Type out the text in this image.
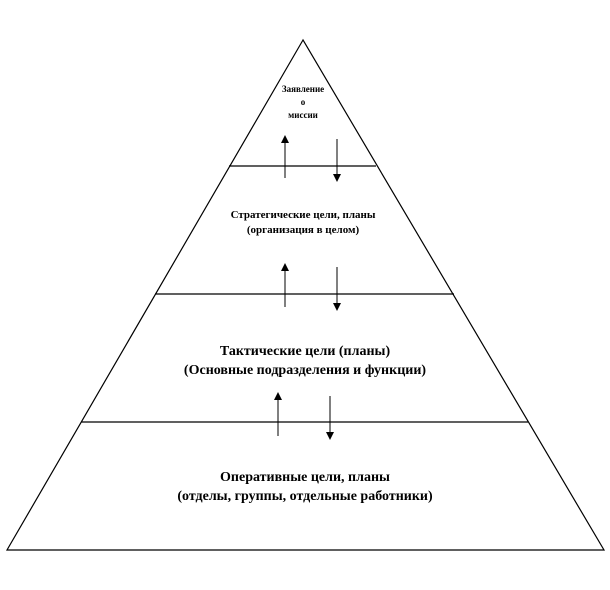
Заявление
о
миссии
Стратегические цели, планы
(организация в целом)
Тактические цели (планы)
(Основные подразделения и функции)
Оперативные цели, планы
(отделы, группы, отдельные работники)
